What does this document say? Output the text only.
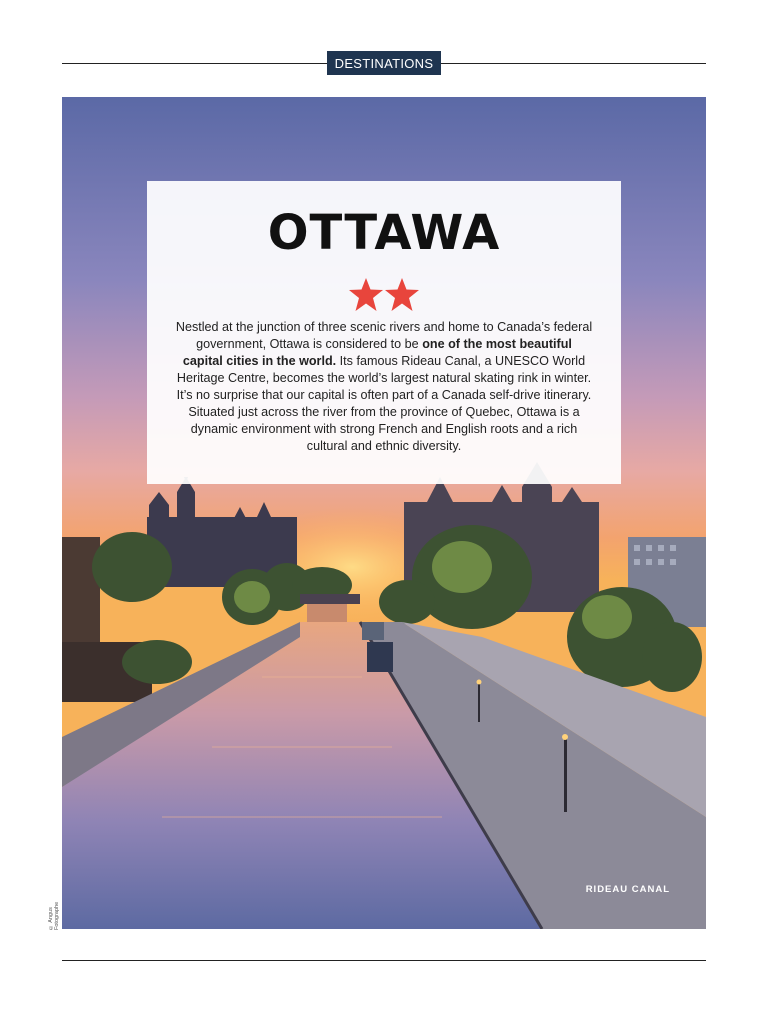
DESTINATIONS
RIDEAU CANAL
© Angus Fotographe
OTTAWA
Nestled at the junction of three scenic rivers and home to Canada’s federal government, Ottawa is considered to be one of the most beautiful capital cities in the world. Its famous Rideau Canal, a UNESCO World Heritage Centre, becomes the world’s largest natural skating rink in winter. It’s no surprise that our capital is often part of a Canada self-drive itinerary. Situated just across the river from the province of Quebec, Ottawa is a dynamic environment with strong French and English roots and a rich cultural and ethnic diversity.
